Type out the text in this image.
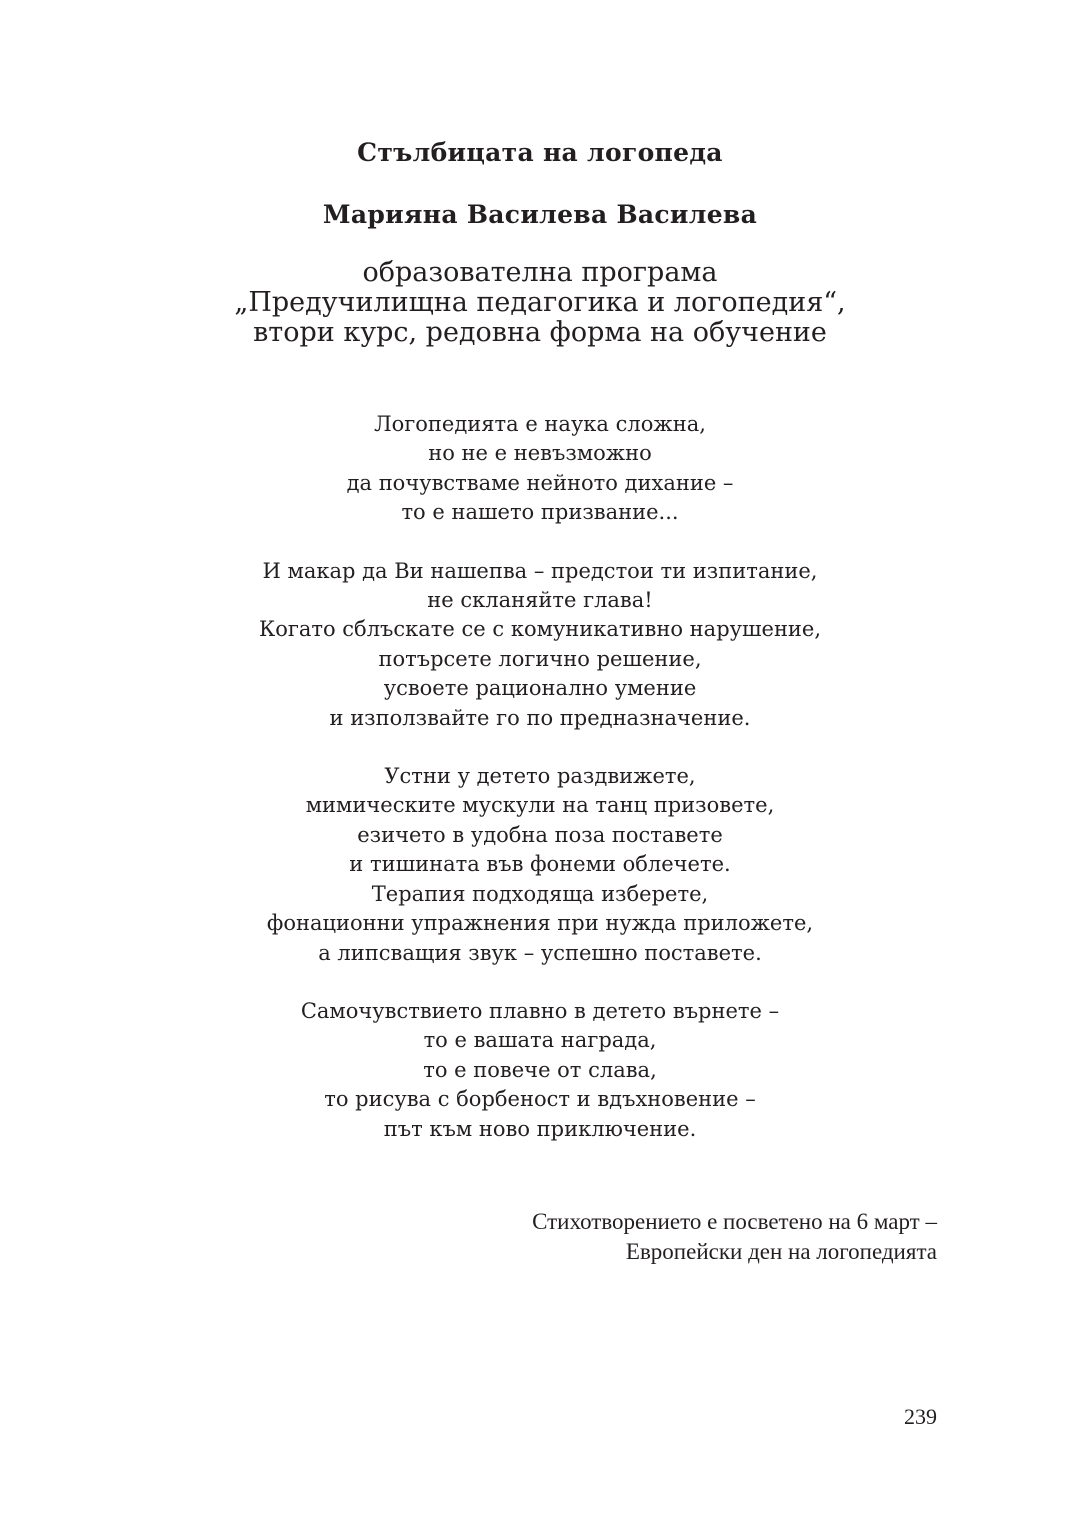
Стълбицата на логопеда
Марияна Василева Василева

образователна програма
„Предучилищна педагогика и логопедия“,
втори курс, редовна форма на обучение

Логопедията е наука сложна,
но не е невъзможно
да почувстваме нейното дихание –
то е нашето призвание...

И макар да Ви нашепва – предстои ти изпитание,
не скланяйте глава!
Когато сблъскате се с комуникативно нарушение,
потърсете логично решение,
усвоете рационално умение
и използвайте го по предназначение.

Устни у детето раздвижете,
мимическите мускули на танц призовете,
езичето в удобна поза поставете
и тишината във фонеми облечете.
Терапия подходяща изберете,
фонационни упражнения при нужда приложете,
а липсващия звук – успешно поставете.

Самочувствието плавно в детето върнете –
то е вашата награда,
то е повече от слава,
то рисува с борбеност и вдъхновение –
път към ново приключение.

Стихотворението е посветено на 6 март –
Европейски ден на логопедията
239
